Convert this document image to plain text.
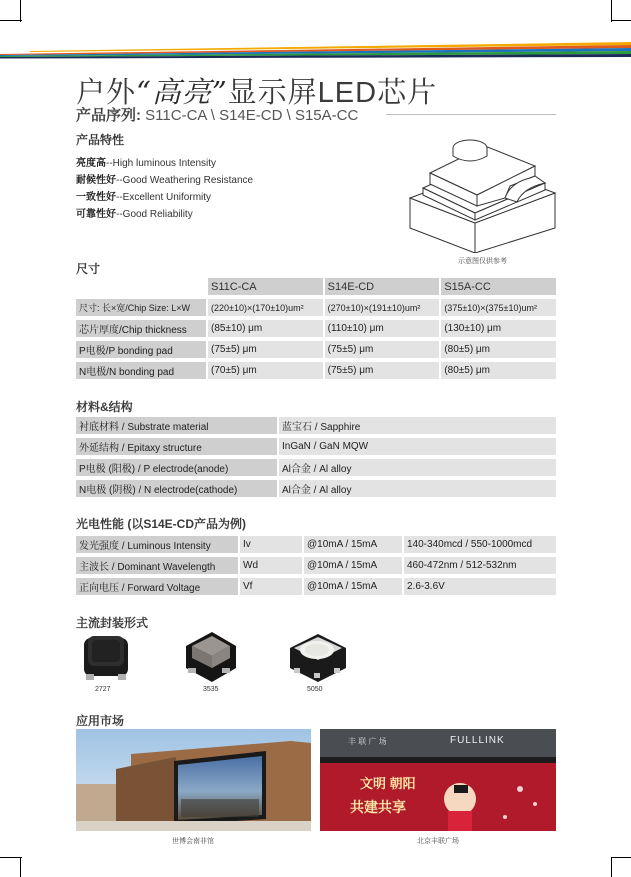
户外“高亮”显示屏LED芯片
产品序列: S11C-CA \ S14E-CD \ S15A-CC
产品特性
亮度高--High luminous Intensity
耐候性好--Good Weathering Resistance
一致性好--Excellent Uniformity
可靠性好--Good Reliability
示意图仅供参考
尺寸
	S11C-CA	S14E-CD	S15A-CC
尺寸: 长×宽/Chip Size: L×W	(220±10)×(170±10)um²	(270±10)×(191±10)um²	(375±10)×(375±10)um²
芯片厚度/Chip thickness	(85±10) μm	(110±10) μm	(130±10) μm
P电极/P bonding pad	(75±5) μm	(75±5) μm	(80±5) μm
N电极/N bonding pad	(70±5) μm	(75±5) μm	(80±5) μm
材料&结构
衬底材料 / Substrate material	蓝宝石 / Sapphire
外延结构 / Epitaxy structure	InGaN / GaN MQW
P电极 (阳极) / P electrode(anode)	Al合金 / Al alloy
N电极 (阴极) / N electrode(cathode)	Al合金 / Al alloy
光电性能 (以S14E-CD产品为例)
发光强度 / Luminous Intensity	Iv	@10mA / 15mA	140-340mcd / 550-1000mcd
主波长 / Dominant Wavelength	Wd	@10mA / 15mA	460-472nm / 512-532nm
正向电压 / Forward Voltage	Vf	@10mA / 15mA	2.6-3.6V
主流封装形式
2727	3535	5050
应用市场
世博会南非馆
丰 联 广 场	FULLLINK
文明 朝阳
共建共享
北京丰联广场
